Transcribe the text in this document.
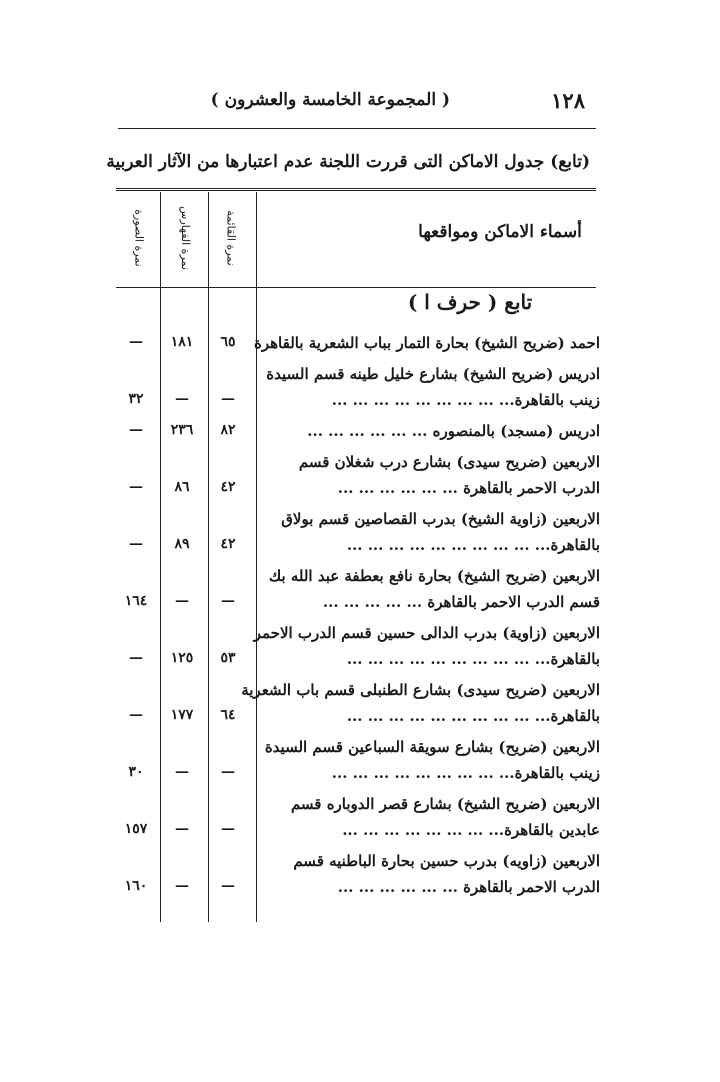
١٢٨
( المجموعة الخامسة والعشرون )
(تابع) جدول الاماكن التى قررت اللجنة عدم اعتبارها من الآثار العربية
أسماء الاماكن ومواقعها
نمرة القائمة
نمرة الفهارس
نمرة الصورة
تابع ( حرف ا )
احمد (ضريح الشيخ) بحارة التمار بباب الشعرية بالقاهرة
٦٥
١٨١
—
ادريس (ضريح الشيخ) بشارع خليل طينه قسم السيدة
زينب بالقاهرة... ... ... ... ... ... ... ... ...
—
—
٣٢
ادريس (مسجد) بالمنصوره ... ... ... ... ... ...
٨٢
٢٣٦
—
الاربعين (ضريح سيدى) بشارع درب شغلان قسم
الدرب الاحمر بالقاهرة ... ... ... ... ... ...
٤٢
٨٦
—
الاربعين (زاوية الشيخ) بدرب القصاصين قسم بولاق
بالقاهرة... ... ... ... ... ... ... ... ... ...
٤٢
٨٩
—
الاربعين (ضريح الشيخ) بحارة نافع بعطفة عبد الله بك
قسم الدرب الاحمر بالقاهرة ... ... ... ... ...
—
—
١٦٤
الاربعين (زاوية) بدرب الدالى حسين قسم الدرب الاحمر
بالقاهرة... ... ... ... ... ... ... ... ... ...
٥٣
١٢٥
—
الاربعين (ضريح سيدى) بشارع الطنبلى قسم باب الشعرية
بالقاهرة... ... ... ... ... ... ... ... ... ...
٦٤
١٧٧
—
الاربعين (ضريح) بشارع سويقة السباعين قسم السيدة
زينب بالقاهرة... ... ... ... ... ... ... ... ...
—
—
٣٠
الاربعين (ضريح الشيخ) بشارع قصر الدوباره قسم
عابدين بالقاهرة... ... ... ... ... ... ... ...
—
—
١٥٧
الاربعين (زاويه) بدرب حسين بحارة الباطنيه قسم
الدرب الاحمر بالقاهرة ... ... ... ... ... ...
—
—
١٦٠
